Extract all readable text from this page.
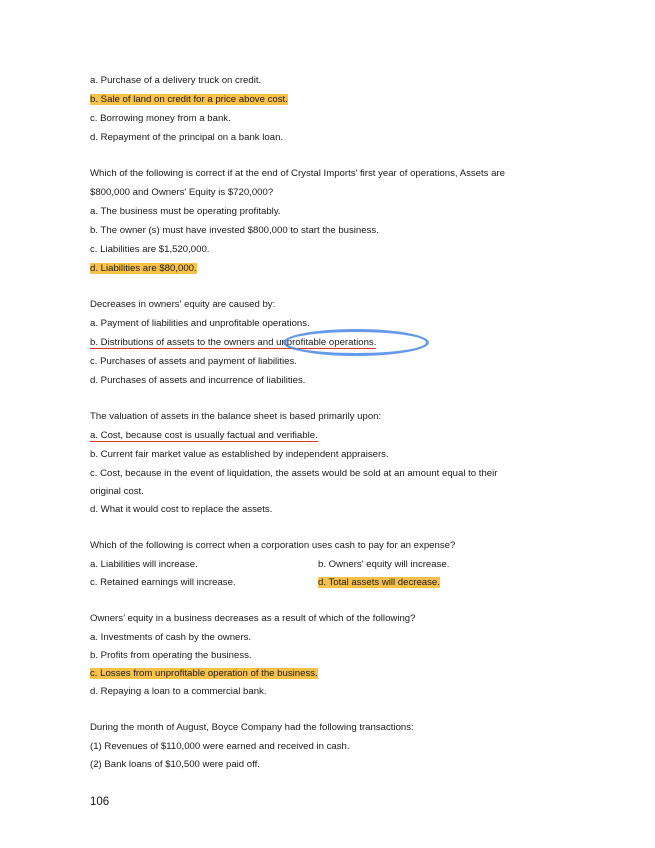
a. Purchase of a delivery truck on credit.
b. Sale of land on credit for a price above cost.
c. Borrowing money from a bank.
d. Repayment of the principal on a bank loan.
Which of the following is correct if at the end of Crystal Imports’ first year of operations, Assets are
$800,000 and Owners' Equity is $720,000?
a. The business must be operating profitably.
b. The owner (s) must have invested $800,000 to start the business.
c. Liabilities are $1,520,000.
d. Liabilities are $80,000.
Decreases in owners' equity are caused by:
a. Payment of liabilities and unprofitable operations.
b. Distributions of assets to the owners and unprofitable operations.
c. Purchases of assets and payment of liabilities.
d. Purchases of assets and incurrence of liabilities.
The valuation of assets in the balance sheet is based primarily upon:
a. Cost, because cost is usually factual and verifiable.
b. Current fair market value as established by independent appraisers.
c. Cost, because in the event of liquidation, the assets would be sold at an amount equal to their
original cost.
d. What it would cost to replace the assets.
Which of the following is correct when a corporation uses cash to pay for an expense?
a. Liabilities will increase.	b. Owners' equity will increase.
c. Retained earnings will increase.	d. Total assets will decrease.
Owners’ equity in a business decreases as a result of which of the following?
a. Investments of cash by the owners.
b. Profits from operating the business.
c. Losses from unprofitable operation of the business.
d. Repaying a loan to a commercial bank.
During the month of August, Boyce Company had the following transactions:
(1) Revenues of $110,000 were earned and received in cash.
(2) Bank loans of $10,500 were paid off.
106
